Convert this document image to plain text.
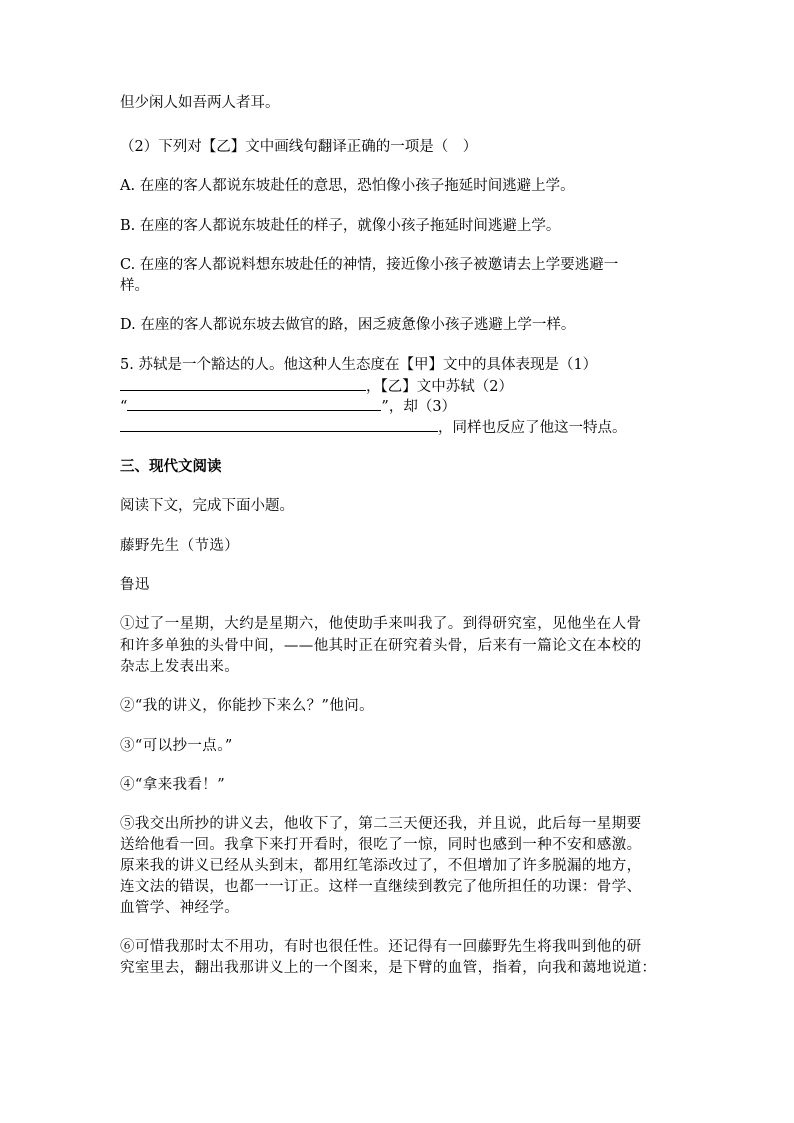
但少闲人如吾两人者耳。
（2）下列对【乙】文中画线句翻译正确的一项是（　）
A. 在座的客人都说东坡赴任的意思，恐怕像小孩子拖延时间逃避上学。
B. 在座的客人都说东坡赴任的样子，就像小孩子拖延时间逃避上学。
C. 在座的客人都说料想东坡赴任的神情，接近像小孩子被邀请去上学要逃避一
样。
D. 在座的客人都说东坡去做官的路，困乏疲惫像小孩子逃避上学一样。
5. 苏轼是一个豁达的人。他这种人生态度在【甲】文中的具体表现是（1）
，【乙】文中苏轼（2）
“	”，却（3）
，同样也反应了他这一特点。
三、现代文阅读
阅读下文，完成下面小题。
藤野先生（节选）
鲁迅
①过了一星期，大约是星期六，他使助手来叫我了。到得研究室，见他坐在人骨
和许多单独的头骨中间，——他其时正在研究着头骨，后来有一篇论文在本校的
杂志上发表出来。
②“我的讲义，你能抄下来么？”他问。
③“可以抄一点。”
④“拿来我看！”
⑤我交出所抄的讲义去，他收下了，第二三天便还我，并且说，此后每一星期要
送给他看一回。我拿下来打开看时，很吃了一惊，同时也感到一种不安和感激。
原来我的讲义已经从头到末，都用红笔添改过了，不但增加了许多脱漏的地方，
连文法的错误，也都一一订正。这样一直继续到教完了他所担任的功课：骨学、
血管学、神经学。
⑥可惜我那时太不用功，有时也很任性。还记得有一回藤野先生将我叫到他的研
究室里去，翻出我那讲义上的一个图来，是下臂的血管，指着，向我和蔼地说道：
